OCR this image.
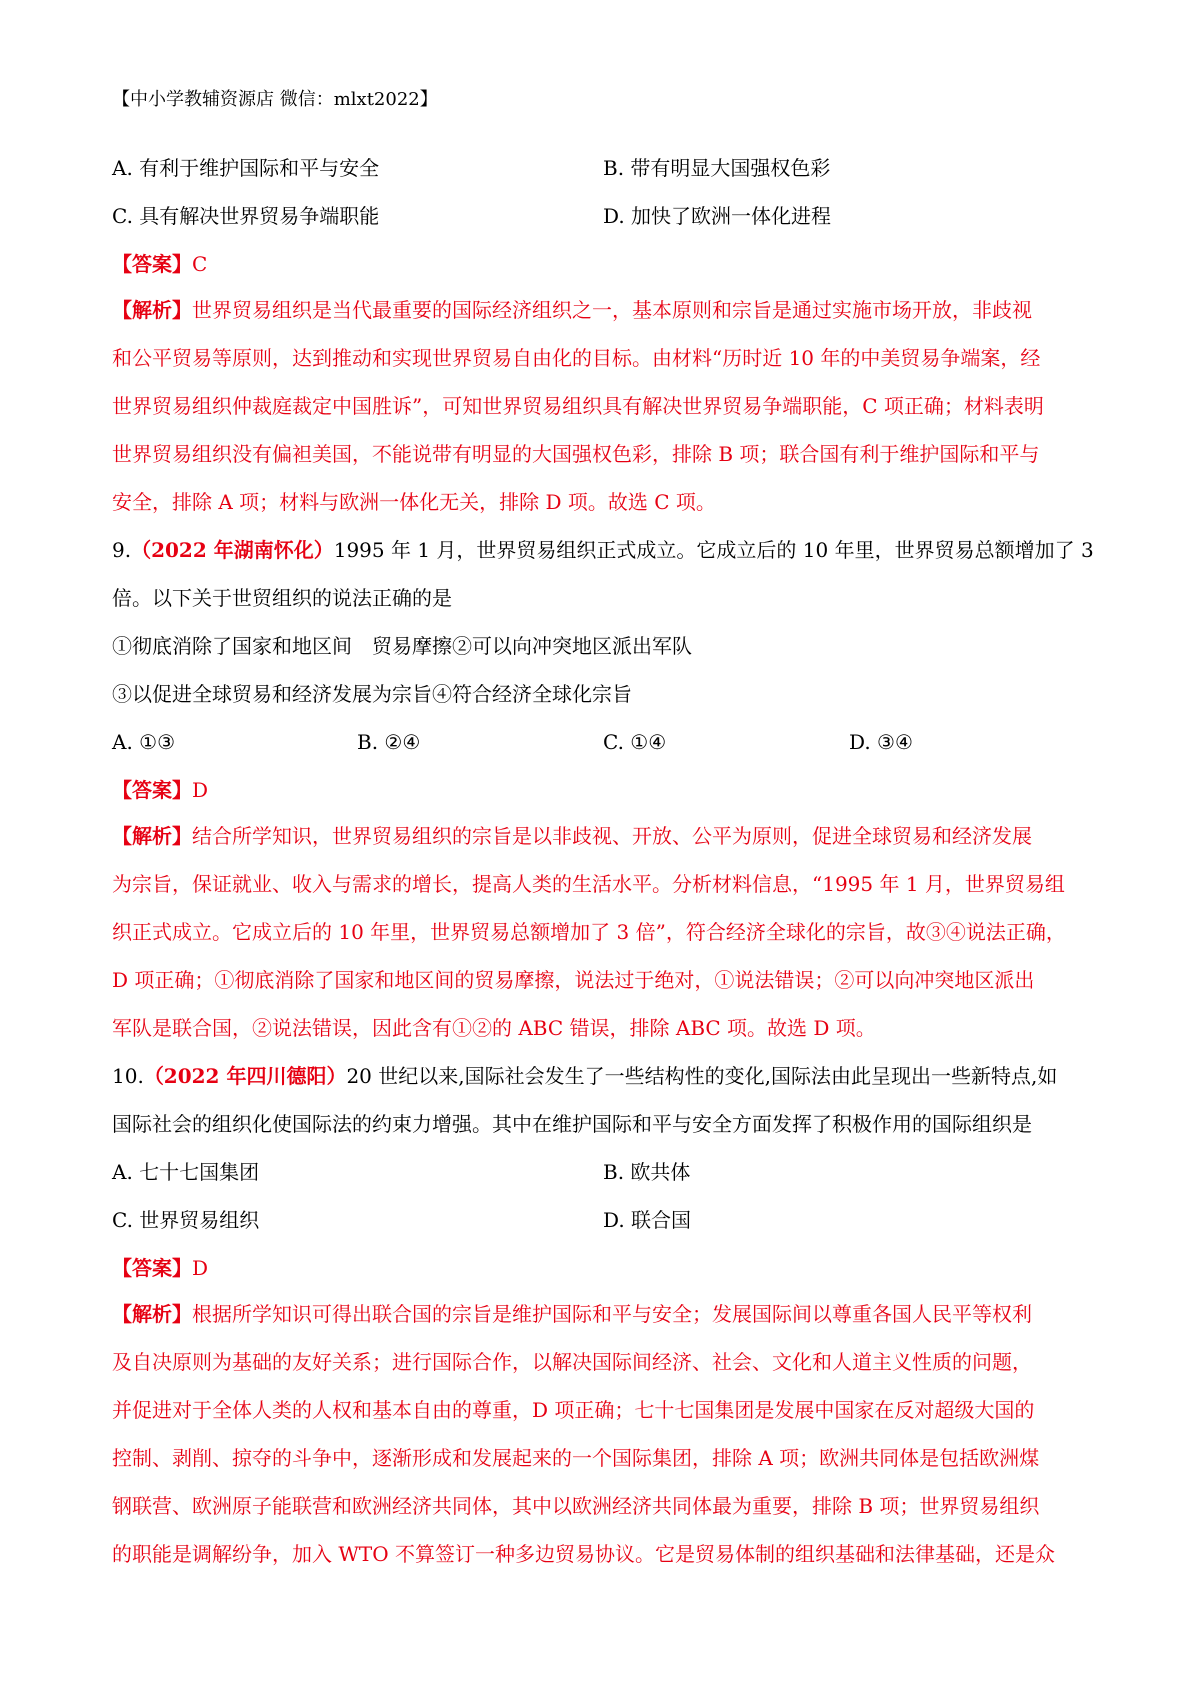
【中小学教辅资源店 微信：mlxt2022】
A. 有利于维护国际和平与安全	B. 带有明显大国强权色彩
C. 具有解决世界贸易争端职能	D. 加快了欧洲一体化进程
【答案】C
【解析】世界贸易组织是当代最重要的国际经济组织之一，基本原则和宗旨是通过实施市场开放，非歧视
和公平贸易等原则，达到推动和实现世界贸易自由化的目标。由材料“历时近 10 年的中美贸易争端案，经
世界贸易组织仲裁庭裁定中国胜诉”，可知世界贸易组织具有解决世界贸易争端职能，C 项正确；材料表明
世界贸易组织没有偏袒美国，不能说带有明显的大国强权色彩，排除 B 项；联合国有利于维护国际和平与
安全，排除 A 项；材料与欧洲一体化无关，排除 D 项。故选 C 项。
9.（2022 年湖南怀化）1995 年 1 月，世界贸易组织正式成立。它成立后的 10 年里，世界贸易总额增加了 3
倍。以下关于世贸组织的说法正确的是
①彻底消除了国家和地区间　贸易摩擦②可以向冲突地区派出军队
③以促进全球贸易和经济发展为宗旨④符合经济全球化宗旨
A. ①③	B. ②④	C. ①④	D. ③④
【答案】D
【解析】结合所学知识，世界贸易组织的宗旨是以非歧视、开放、公平为原则，促进全球贸易和经济发展
为宗旨，保证就业、收入与需求的增长，提高人类的生活水平。分析材料信息，“1995 年 1 月，世界贸易组
织正式成立。它成立后的 10 年里，世界贸易总额增加了 3 倍”，符合经济全球化的宗旨，故③④说法正确，
D 项正确；①彻底消除了国家和地区间的贸易摩擦，说法过于绝对，①说法错误；②可以向冲突地区派出
军队是联合国，②说法错误，因此含有①②的 ABC 错误，排除 ABC 项。故选 D 项。
10.（2022 年四川德阳）20 世纪以来,国际社会发生了一些结构性的变化,国际法由此呈现出一些新特点,如
国际社会的组织化使国际法的约束力增强。其中在维护国际和平与安全方面发挥了积极作用的国际组织是
A. 七十七国集团	B. 欧共体
C. 世界贸易组织	D. 联合国
【答案】D
【解析】根据所学知识可得出联合国的宗旨是维护国际和平与安全；发展国际间以尊重各国人民平等权利
及自决原则为基础的友好关系；进行国际合作，以解决国际间经济、社会、文化和人道主义性质的问题，
并促进对于全体人类的人权和基本自由的尊重，D 项正确；七十七国集团是发展中国家在反对超级大国的
控制、剥削、掠夺的斗争中，逐渐形成和发展起来的一个国际集团，排除 A 项；欧洲共同体是包括欧洲煤
钢联营、欧洲原子能联营和欧洲经济共同体，其中以欧洲经济共同体最为重要，排除 B 项；世界贸易组织
的职能是调解纷争，加入 WTO 不算签订一种多边贸易协议。它是贸易体制的组织基础和法律基础，还是众
